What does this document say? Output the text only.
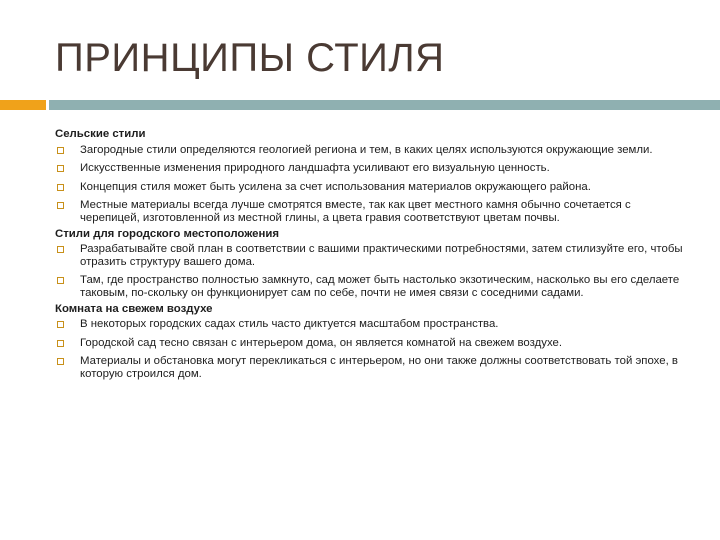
ПРИНЦИПЫ СТИЛЯ
Сельские стили
Загородные стили определяются геологией региона и тем, в каких целях используются окружающие земли.
Искусственные изменения природного ландшафта усиливают его визуальную ценность.
Концепция стиля может быть усилена за счет использования материалов окружающего района.
Местные материалы всегда лучше смотрятся вместе, так как цвет местного камня обычно сочетается с черепицей, изготовленной из местной глины, а цвета гравия соответствуют цветам почвы.
Стили для городского местоположения
Разрабатывайте свой план в соответствии с вашими практическими потребностями, затем стилизуйте его, чтобы отразить структуру вашего дома.
Там, где пространство полностью замкнуто, сад может быть настолько экзотическим, насколько вы его сделаете таковым, по-скольку он функционирует сам по себе, почти не имея связи с соседними садами.
Комната на свежем воздухе
В некоторых городских садах стиль часто диктуется масштабом пространства.
Городской сад тесно связан с интерьером дома, он является комнатой на свежем воздухе.
Материалы и обстановка могут перекликаться с интерьером, но они также должны соответствовать той эпохе, в которую строился дом.
